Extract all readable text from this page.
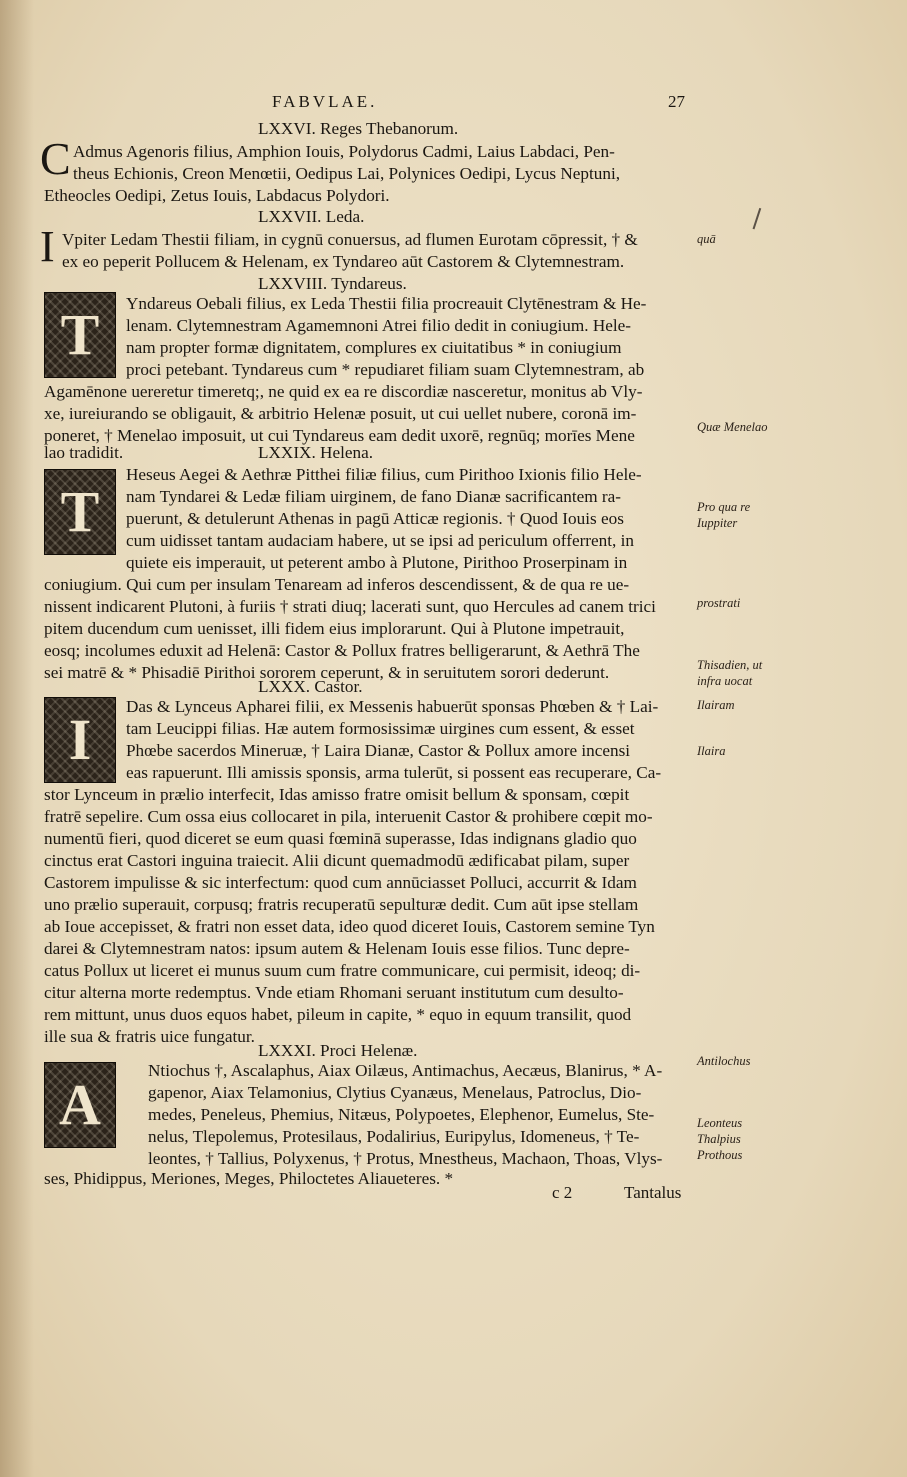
FABVLAE.	27
LXXVI. Reges Thebanorum.
C Admus Agenoris filius, Amphion Iouis, Polydorus Cadmi, Laius Labdaci, Pen-
theus Echionis, Creon Menœtii, Oedipus Lai, Polynices Oedipi, Lycus Neptuni,
Etheocles Oedipi, Zetus Iouis, Labdacus Polydori.
LXXVII. Leda.
I Vpiter Ledam Thestii filiam, in cygnū conuersus, ad flumen Eurotam cōpressit, † &
ex eo peperit Pollucem & Helenam, ex Tyndareo aūt Castorem & Clytemnestram.
LXXVIII. Tyndareus.
T	Yndareus Oebali filius, ex Leda Thestii filia procreauit Clytēnestram & He-
lenam. Clytemnestram Agamemnoni Atrei filio dedit in coniugium. Hele-
nam propter formæ dignitatem, complures ex ciuitatibus * in coniugium
proci petebant. Tyndareus cum * repudiaret filiam suam Clytemnestram, ab
Agamēnone uereretur timeretq;, ne quid ex ea re discordiæ nasceretur, monitus ab Vly-
xe, iureiurando se obligauit, & arbitrio Helenæ posuit, ut cui uellet nubere, coronā im-
poneret, † Menelao imposuit, ut cui Tyndareus eam dedit uxorē, regnūq; morīes Mene
LXXIX. Helena.
lao tradidit.
T
Heseus Aegei & Aethræ Pitthei filiæ filius, cum Pirithoo Ixionis filio Hele-
nam Tyndarei & Ledæ filiam uirginem, de fano Dianæ sacrificantem ra-
puerunt, & detulerunt Athenas in pagū Atticæ regionis. † Quod Iouis eos
cum uidisset tantam audaciam habere, ut se ipsi ad periculum offerrent, in
quiete eis imperauit, ut peterent ambo à Plutone, Pirithoo Proserpinam in
coniugium. Qui cum per insulam Tenaream ad inferos descendissent, & de qua re ue-
nissent indicarent Plutoni, à furiis † strati diuq; lacerati sunt, quo Hercules ad canem trici
pitem ducendum cum uenisset, illi fidem eius implorarunt. Qui à Plutone impetrauit,
eosq; incolumes eduxit ad Helenā: Castor & Pollux fratres belligerarunt, & Aethrā The
sei matrē & * Phisadiē Pirithoi sororem ceperunt, & in seruitutem sorori dederunt.
LXXX. Castor.
I
Das & Lynceus Apharei filii, ex Messenis habuerūt sponsas Phœben & † Lai-
tam Leucippi filias. Hæ autem formosissimæ uirgines cum essent, & esset
Phœbe sacerdos Mineruæ, † Laira Dianæ, Castor & Pollux amore incensi
eas rapuerunt. Illi amissis sponsis, arma tulerūt, si possent eas recuperare, Ca-
stor Lynceum in prælio interfecit, Idas amisso fratre omisit bellum & sponsam, cœpit
fratrē sepelire. Cum ossa eius collocaret in pila, interuenit Castor & prohibere cœpit mo-
numentū fieri, quod diceret se eum quasi fœminā superasse, Idas indignans gladio quo
cinctus erat Castori inguina traiecit. Alii dicunt quemadmodū ædificabat pilam, super
Castorem impulisse & sic interfectum: quod cum annūciasset Polluci, accurrit & Idam
uno prælio superauit, corpusq; fratris recuperatū sepulturæ dedit. Cum aūt ipse stellam
ab Ioue accepisset, & fratri non esset data, ideo quod diceret Iouis, Castorem semine Tyn
darei & Clytemnestram natos: ipsum autem & Helenam Iouis esse filios. Tunc depre-
catus Pollux ut liceret ei munus suum cum fratre communicare, cui permisit, ideoq; di-
citur alterna morte redemptus. Vnde etiam Rhomani seruant institutum cum desulto-
rem mittunt, unus duos equos habet, pileum in capite, * equo in equum transilit, quod
ille sua & fratris uice fungatur.
LXXXI. Proci Helenæ.
A
Ntiochus †, Ascalaphus, Aiax Oilæus, Antimachus, Aecæus, Blanirus, * A-
gapenor, Aiax Telamonius, Clytius Cyanæus, Menelaus, Patroclus, Dio-
medes, Peneleus, Phemius, Nitæus, Polypoetes, Elephenor, Eumelus, Ste-
nelus, Tlepolemus, Protesilaus, Podalirius, Euripylus, Idomeneus, † Te-
leontes, † Tallius, Polyxenus, † Protus, Mnestheus, Machaon, Thoas, Vlys-
ses, Phidippus, Meriones, Meges, Philoctetes Aliaueteres. *
c 2	Tantalus
quā
Quæ Menelao
Pro qua re
Iuppiter
prostrati
Thisadien, ut
infra uocat
Ilairam
Ilaira
Antilochus
Leonteus
Thalpius
Prothous
